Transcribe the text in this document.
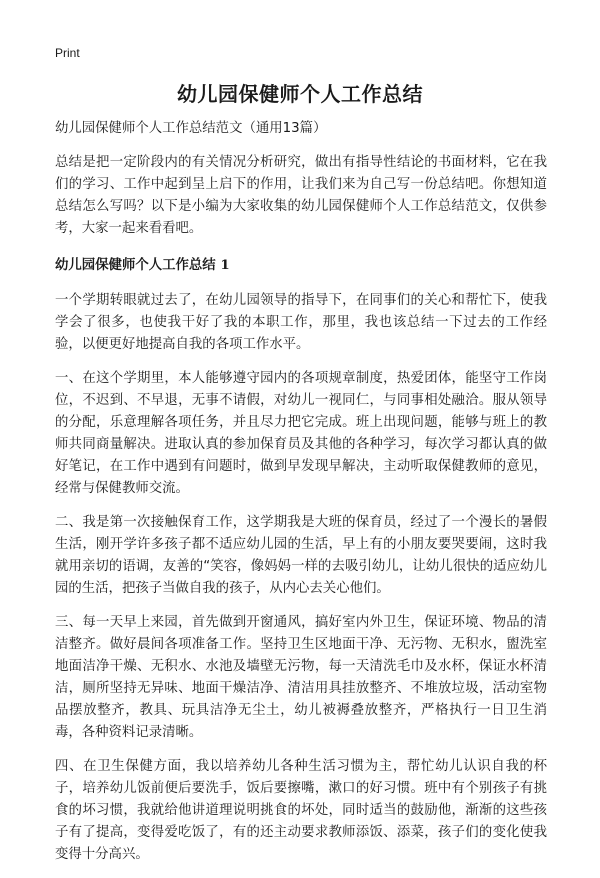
Print
幼儿园保健师个人工作总结

幼儿园保健师个人工作总结范文（通用13篇）

总结是把一定阶段内的有关情况分析研究，做出有指导性结论的书面材料，它在我们的学习、工作中起到呈上启下的作用，让我们来为自己写一份总结吧。你想知道总结怎么写吗？以下是小编为大家收集的幼儿园保健师个人工作总结范文，仅供参考，大家一起来看看吧。

幼儿园保健师个人工作总结 1

一个学期转眼就过去了，在幼儿园领导的指导下，在同事们的关心和帮忙下，使我学会了很多，也使我干好了我的本职工作，那里，我也该总结一下过去的工作经验，以便更好地提高自我的各项工作水平。

一、在这个学期里，本人能够遵守园内的各项规章制度，热爱团体，能坚守工作岗位，不迟到、不早退，无事不请假，对幼儿一视同仁，与同事相处融洽。服从领导的分配，乐意理解各项任务，并且尽力把它完成。班上出现问题，能够与班上的教师共同商量解决。进取认真的参加保育员及其他的各种学习，每次学习都认真的做好笔记，在工作中遇到有问题时，做到早发现早解决，主动听取保健教师的意见，经常与保健教师交流。

二、我是第一次接触保育工作，这学期我是大班的保育员，经过了一个漫长的暑假生活，刚开学许多孩子都不适应幼儿园的生活，早上有的小朋友要哭要闹，这时我就用亲切的语调，友善的“笑容，像妈妈一样的去吸引幼儿，让幼儿很快的适应幼儿园的生活，把孩子当做自我的孩子，从内心去关心他们。

三、每一天早上来园，首先做到开窗通风，搞好室内外卫生，保证环境、物品的清洁整齐。做好晨间各项准备工作。坚持卫生区地面干净、无污物、无积水，盥洗室地面洁净干燥、无积水、水池及墙壁无污物，每一天清洗毛巾及水杯，保证水杯清洁，厕所坚持无异味、地面干燥洁净、清洁用具挂放整齐、不堆放垃圾，活动室物品摆放整齐，教具、玩具洁净无尘土，幼儿被褥叠放整齐，严格执行一日卫生消毒，各种资料记录清晰。

四、在卫生保健方面，我以培养幼儿各种生活习惯为主，帮忙幼儿认识自我的杯子，培养幼儿饭前便后要洗手，饭后要擦嘴，漱口的好习惯。班中有个别孩子有挑食的坏习惯，我就给他讲道理说明挑食的坏处，同时适当的鼓励他，渐渐的这些孩子有了提高，变得爱吃饭了，有的还主动要求教师添饭、添菜，孩子们的变化使我变得十分高兴。
